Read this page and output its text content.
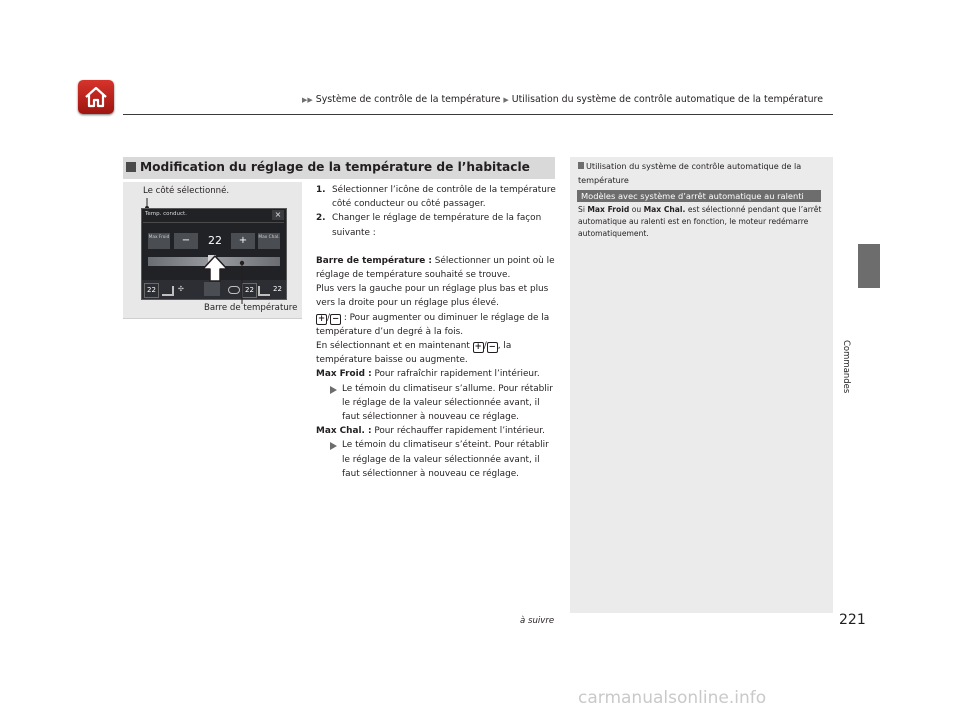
▶▶ Système de contrôle de la température ▶ Utilisation du système de contrôle automatique de la température
Commandes
Modification du réglage de la température de l’habitacle
Le côté sélectionné.
Temp. conduct.	×
Max Froid	−	22	+	Max Chal.
22	✣	22	22
Barre de température

1. Sélectionner l’icône de contrôle de la température côté conducteur ou côté passager.

2. Changer le réglage de température de la façon suivante :

Barre de température : Sélectionner un point où le réglage de température souhaité se trouve.

Plus vers la gauche pour un réglage plus bas et plus vers la droite pour un réglage plus élevé.

+ / − : Pour augmenter ou diminuer le réglage de la température d’un degré à la fois.

En sélectionnant et en maintenant + / − , la température baisse ou augmente.

Max Froid : Pour rafraîchir rapidement l’intérieur.

Le témoin du climatiseur s’allume. Pour rétablir le réglage de la valeur sélectionnée avant, il faut sélectionner à nouveau ce réglage.

Max Chal. : Pour réchauffer rapidement l’intérieur.

Le témoin du climatiseur s’éteint. Pour rétablir le réglage de la valeur sélectionnée avant, il faut sélectionner à nouveau ce réglage.

Utilisation du système de contrôle automatique de la température
Modèles avec système d’arrêt automatique au ralenti
Si Max Froid ou Max Chal. est sélectionné pendant que l’arrêt automatique au ralenti est en fonction, le moteur redémarre automatiquement.
à suivre	221
carmanualsonline.info
